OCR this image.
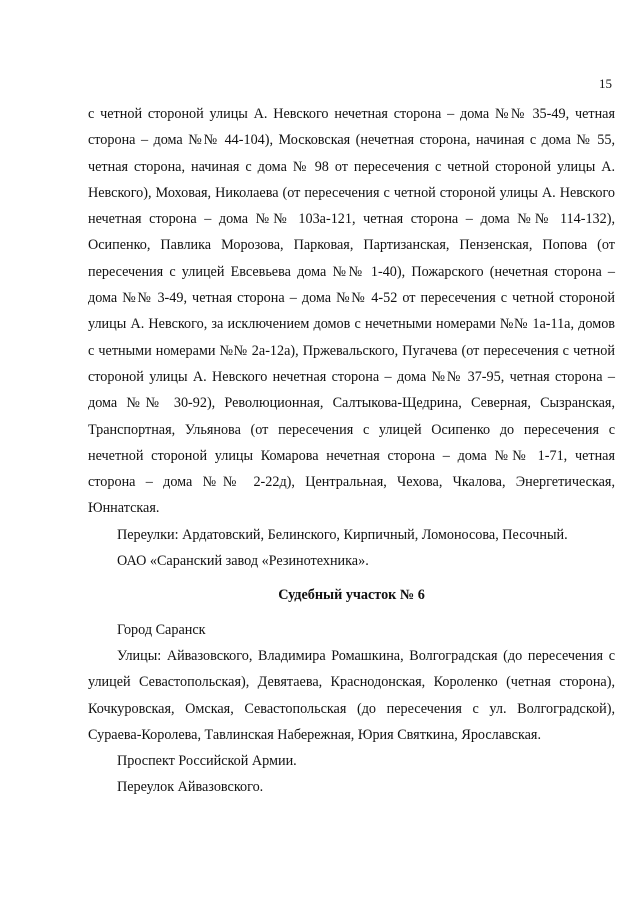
15

с четной стороной улицы А. Невского нечетная сторона – дома №№ 35-49, четная сторона – дома №№ 44-104), Московская (нечетная сторона, начиная с дома № 55, четная сторона, начиная с дома № 98 от пересечения с четной стороной улицы А. Невского), Моховая, Николаева (от пересечения с четной стороной улицы А. Невского нечетная сторона – дома №№ 103а-121, четная сторона – дома №№ 114-132), Осипенко, Павлика Морозова, Парковая, Партизанская, Пензенская, Попова (от пересечения с улицей Евсевьева дома №№ 1-40), Пожарского (нечетная сторона – дома №№ 3-49, четная сторона – дома №№ 4-52 от пересечения с четной стороной улицы А. Невского, за исключением домов с нечетными номерами №№ 1а-11а, домов с четными номерами №№ 2а-12а), Пржевальского, Пугачева (от пересечения с четной стороной улицы А. Невского нечетная сторона – дома №№ 37-95, четная сторона – дома №№ 30-92), Революционная, Салтыкова-Щедрина, Северная, Сызранская, Транспортная, Ульянова (от пересечения с улицей Осипенко до пересечения с нечетной стороной улицы Комарова нечетная сторона – дома №№ 1-71, четная сторона – дома №№ 2-22д), Центральная, Чехова, Чкалова, Энергетическая, Юннатская.

Переулки: Ардатовский, Белинского, Кирпичный, Ломоносова, Песочный.

ОАО «Саранский завод «Резинотехника».

Судебный участок № 6

Город Саранск

Улицы: Айвазовского, Владимира Ромашкина, Волгоградская (до пересечения с улицей Севастопольская), Девятаева, Краснодонская, Короленко (четная сторона), Кочкуровская, Омская, Севастопольская (до пересечения с ул. Волгоградской), Сураева-Королева, Тавлинская Набережная, Юрия Святкина, Ярославская.

Проспект Российской Армии.

Переулок Айвазовского.
